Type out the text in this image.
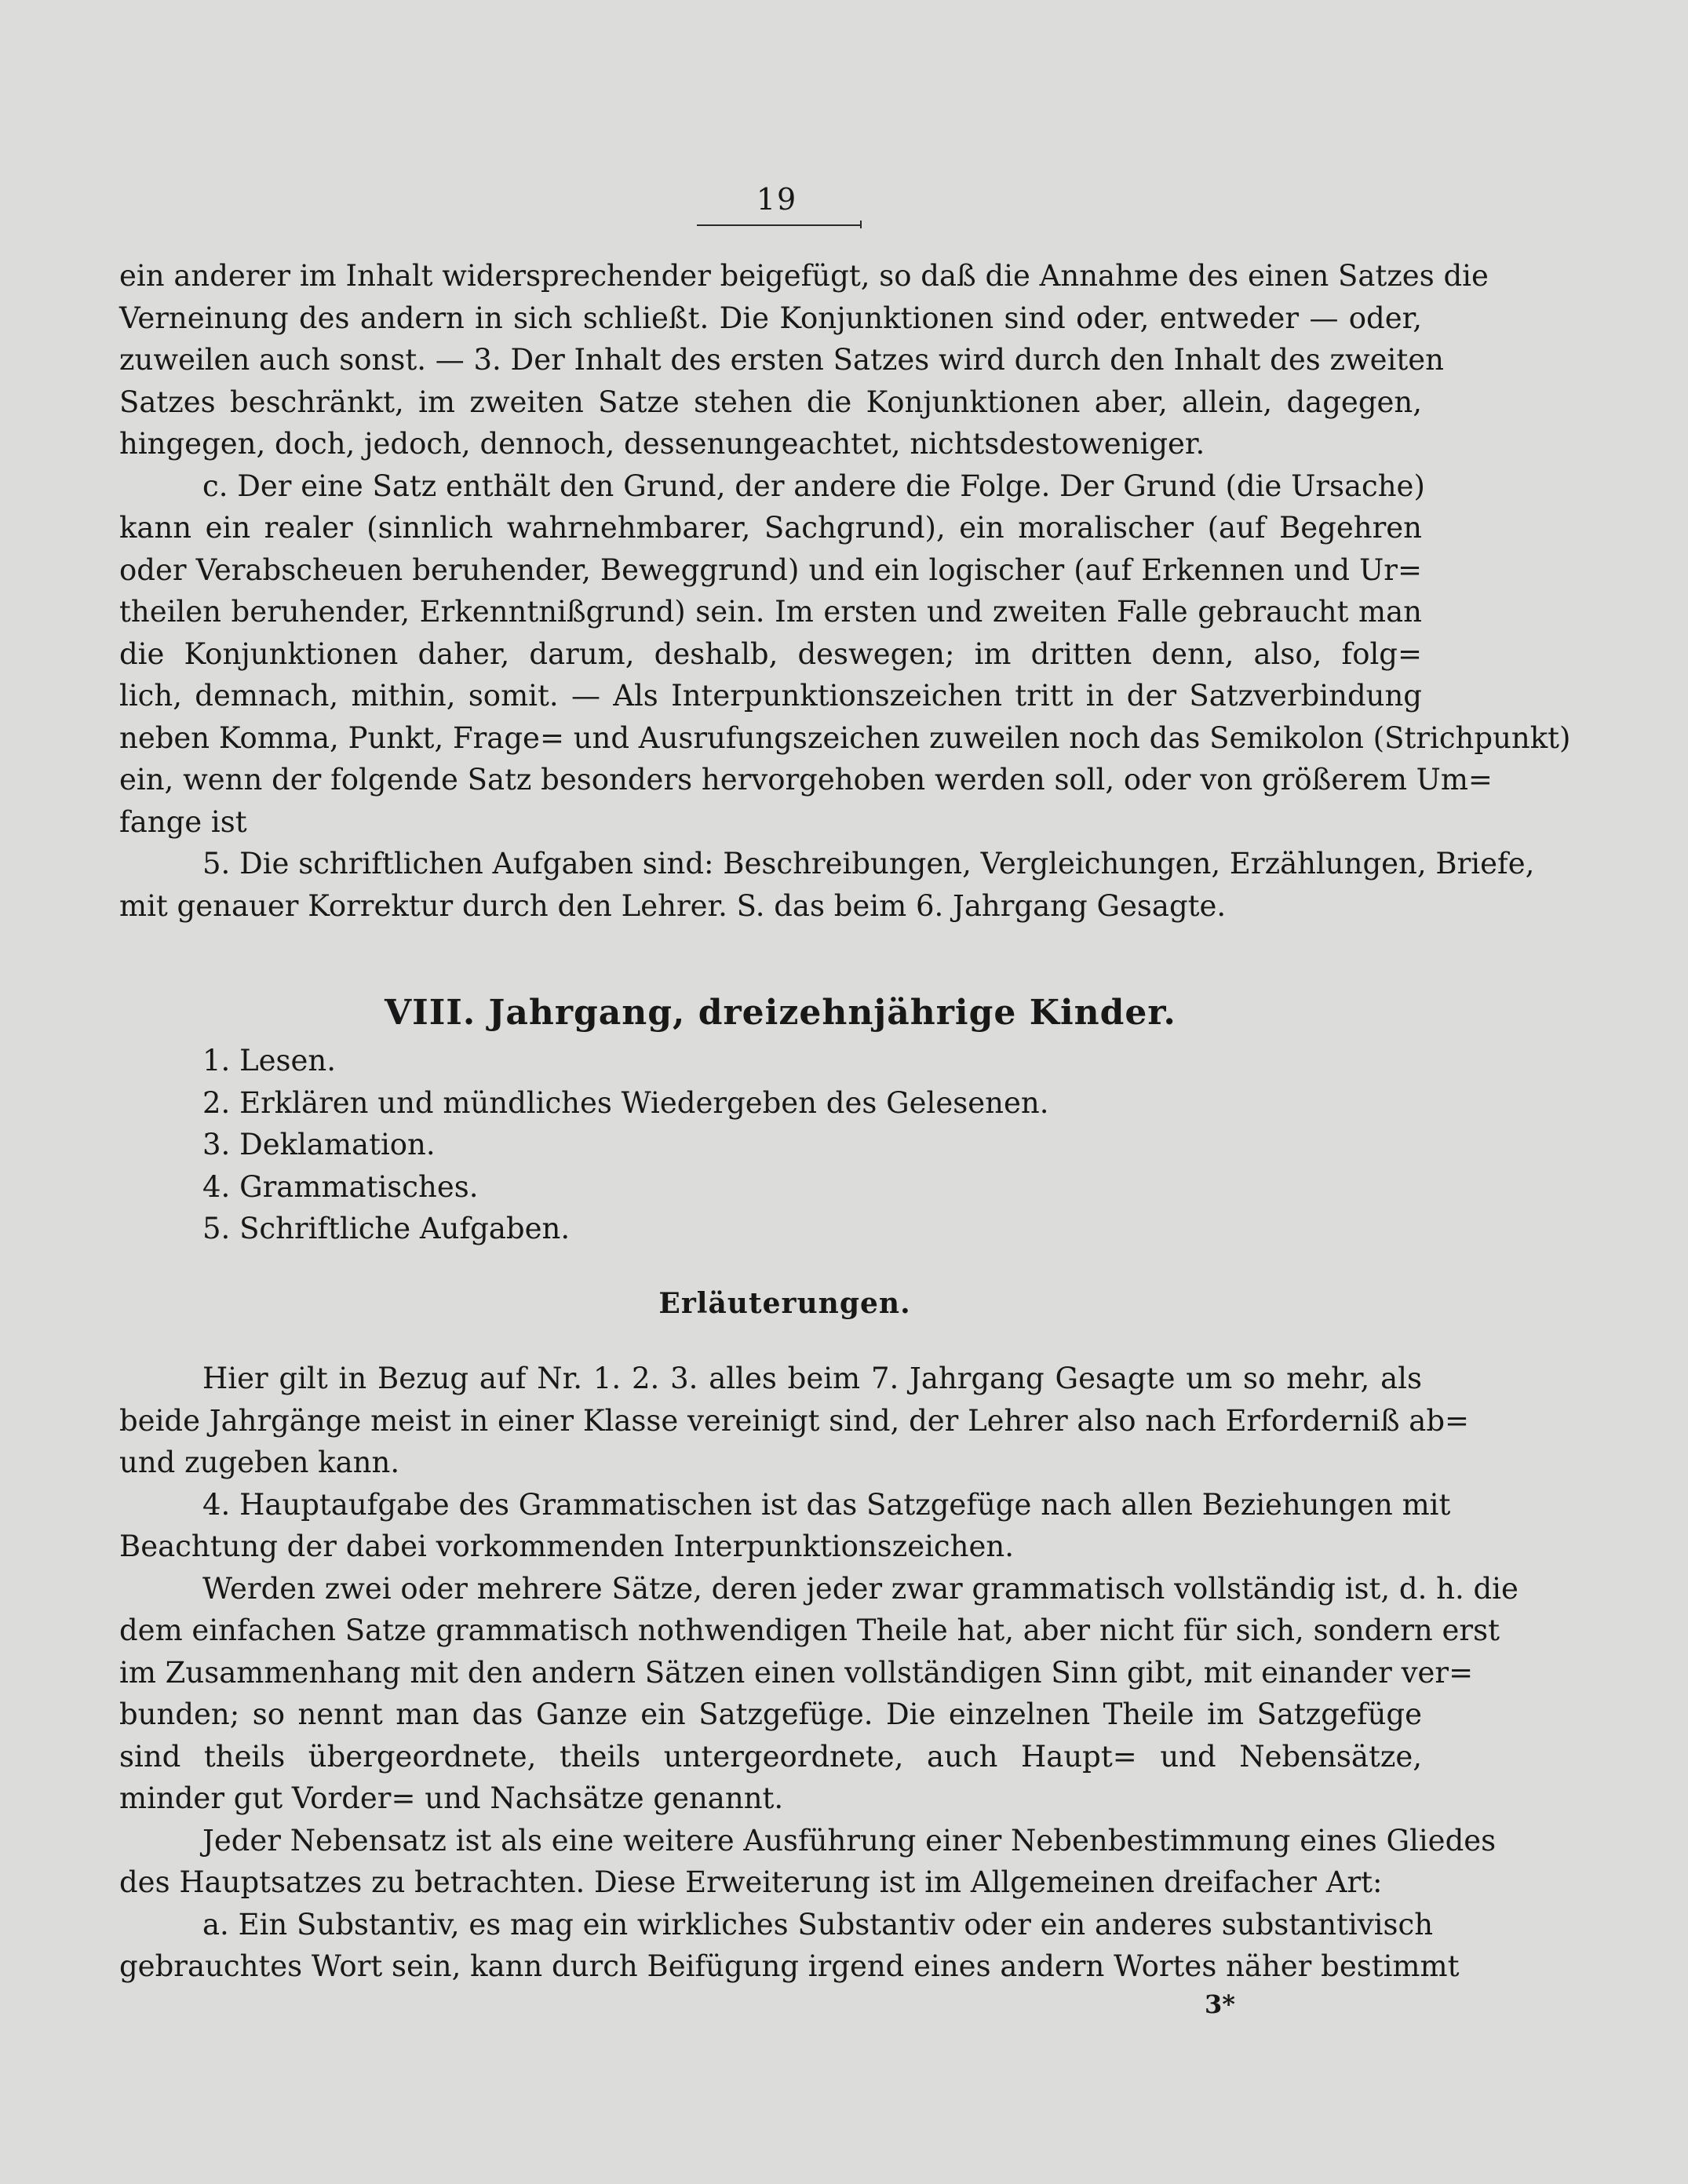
19
ein anderer im Inhalt widersprechender beigefügt, so daß die Annahme des einen Satzes die
Verneinung des andern in sich schließt. Die Konjunktionen sind oder, entweder — oder,
zuweilen auch sonst. — 3. Der Inhalt des ersten Satzes wird durch den Inhalt des zweiten
Satzes beschränkt, im zweiten Satze stehen die Konjunktionen aber, allein, dagegen,
hingegen, doch, jedoch, dennoch, dessenungeachtet, nichtsdestoweniger.
c. Der eine Satz enthält den Grund, der andere die Folge. Der Grund (die Ursache)
kann ein realer (sinnlich wahrnehmbarer, Sachgrund), ein moralischer (auf Begehren
oder Verabscheuen beruhender, Beweggrund) und ein logischer (auf Erkennen und Ur=
theilen beruhender, Erkenntnißgrund) sein. Im ersten und zweiten Falle gebraucht man
die Konjunktionen daher, darum, deshalb, deswegen; im dritten denn, also, folg=
lich, demnach, mithin, somit. — Als Interpunktionszeichen tritt in der Satzverbindung
neben Komma, Punkt, Frage= und Ausrufungszeichen zuweilen noch das Semikolon (Strichpunkt)
ein, wenn der folgende Satz besonders hervorgehoben werden soll, oder von größerem Um=
fange ist
5. Die schriftlichen Aufgaben sind: Beschreibungen, Vergleichungen, Erzählungen, Briefe,
mit genauer Korrektur durch den Lehrer. S. das beim 6. Jahrgang Gesagte.
VIII. Jahrgang, dreizehnjährige Kinder.
1. Lesen.
2. Erklären und mündliches Wiedergeben des Gelesenen.
3. Deklamation.
4. Grammatisches.
5. Schriftliche Aufgaben.
Erläuterungen.
Hier gilt in Bezug auf Nr. 1. 2. 3. alles beim 7. Jahrgang Gesagte um so mehr, als
beide Jahrgänge meist in einer Klasse vereinigt sind, der Lehrer also nach Erforderniß ab=
und zugeben kann.
4. Hauptaufgabe des Grammatischen ist das Satzgefüge nach allen Beziehungen mit
Beachtung der dabei vorkommenden Interpunktionszeichen.
Werden zwei oder mehrere Sätze, deren jeder zwar grammatisch vollständig ist, d. h. die
dem einfachen Satze grammatisch nothwendigen Theile hat, aber nicht für sich, sondern erst
im Zusammenhang mit den andern Sätzen einen vollständigen Sinn gibt, mit einander ver=
bunden; so nennt man das Ganze ein Satzgefüge. Die einzelnen Theile im Satzgefüge
sind theils übergeordnete, theils untergeordnete, auch Haupt= und Nebensätze,
minder gut Vorder= und Nachsätze genannt.
Jeder Nebensatz ist als eine weitere Ausführung einer Nebenbestimmung eines Gliedes
des Hauptsatzes zu betrachten. Diese Erweiterung ist im Allgemeinen dreifacher Art:
a. Ein Substantiv, es mag ein wirkliches Substantiv oder ein anderes substantivisch
gebrauchtes Wort sein, kann durch Beifügung irgend eines andern Wortes näher bestimmt
3*
